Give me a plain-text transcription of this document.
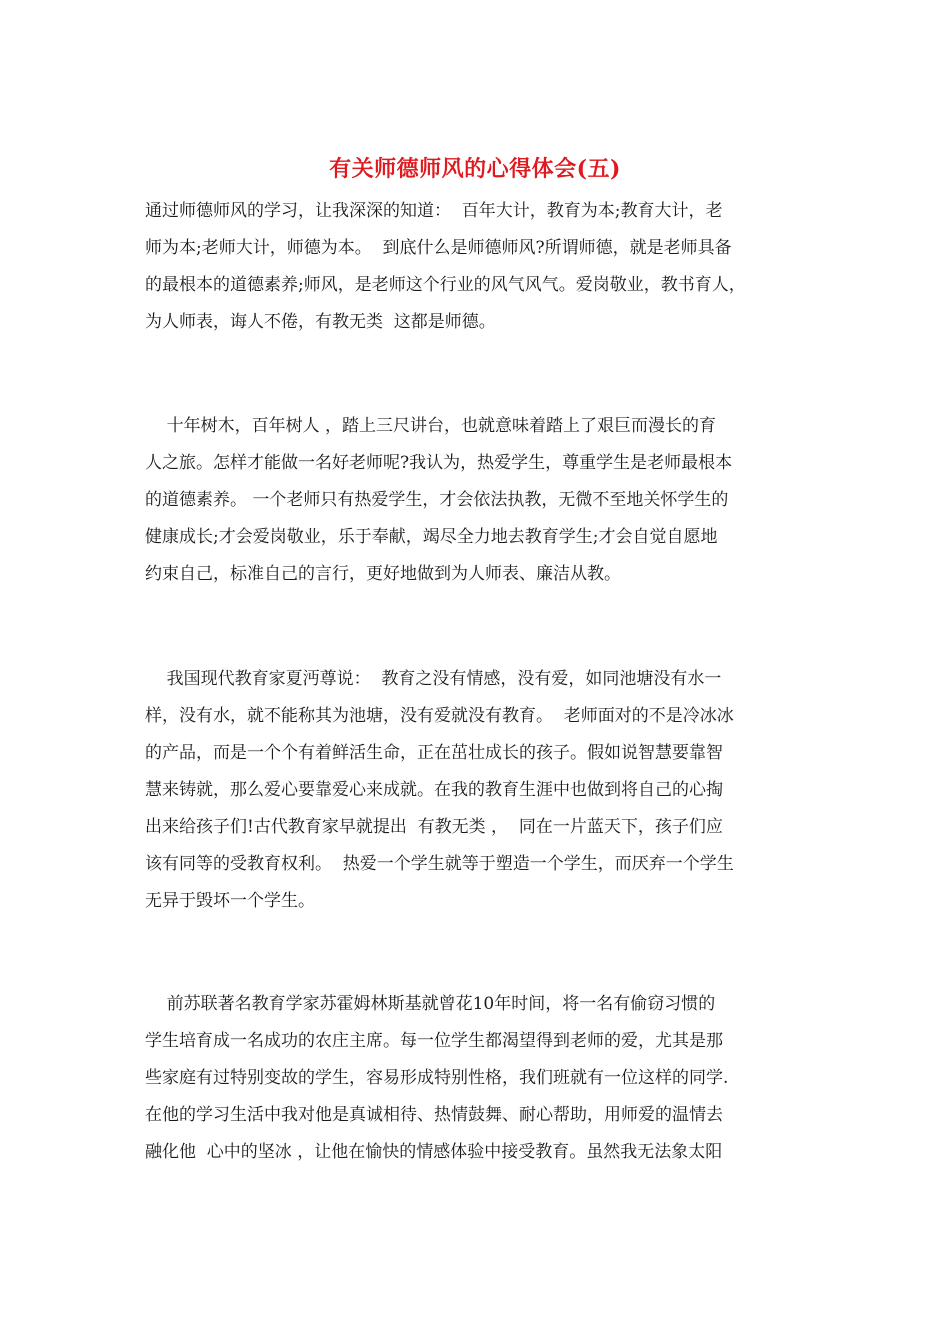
有关师德师风的心得体会(五)
通过师德师风的学习，让我深深的知道：  百年大计，教育为本;教育大计，老
师为本;老师大计，师德为本。  到底什么是师德师风?所谓师德，就是老师具备
的最根本的道德素养;师风，是老师这个行业的风气风气。爱岗敬业，教书育人，
为人师表，诲人不倦，有教无类  这都是师德。
十年树木，百年树人 ，踏上三尺讲台，也就意味着踏上了艰巨而漫长的育
人之旅。怎样才能做一名好老师呢?我认为，热爱学生，尊重学生是老师最根本
的道德素养。 一个老师只有热爱学生，才会依法执教，无微不至地关怀学生的
健康成长;才会爱岗敬业，乐于奉献，竭尽全力地去教育学生;才会自觉自愿地
约束自己，标准自己的言行，更好地做到为人师表、廉洁从教。
我国现代教育家夏沔尊说：  教育之没有情感，没有爱，如同池塘没有水一
样，没有水，就不能称其为池塘，没有爱就没有教育。  老师面对的不是冷冰冰
的产品，而是一个个有着鲜活生命，正在茁壮成长的孩子。假如说智慧要靠智
慧来铸就，那么爱心要靠爱心来成就。在我的教育生涯中也做到将自己的心掏
出来给孩子们!古代教育家早就提出  有教无类 ，  同在一片蓝天下，孩子们应
该有同等的受教育权利。  热爱一个学生就等于塑造一个学生，而厌弃一个学生
无异于毁坏一个学生。
前苏联著名教育学家苏霍姆林斯基就曾花10年时间，将一名有偷窃习惯的
学生培育成一名成功的农庄主席。每一位学生都渴望得到老师的爱，尤其是那
些家庭有过特别变故的学生，容易形成特别性格，我们班就有一位这样的同学.
在他的学习生活中我对他是真诚相待、热情鼓舞、耐心帮助，用师爱的温情去
融化他  心中的坚冰 ，让他在愉快的情感体验中接受教育。虽然我无法象太阳
